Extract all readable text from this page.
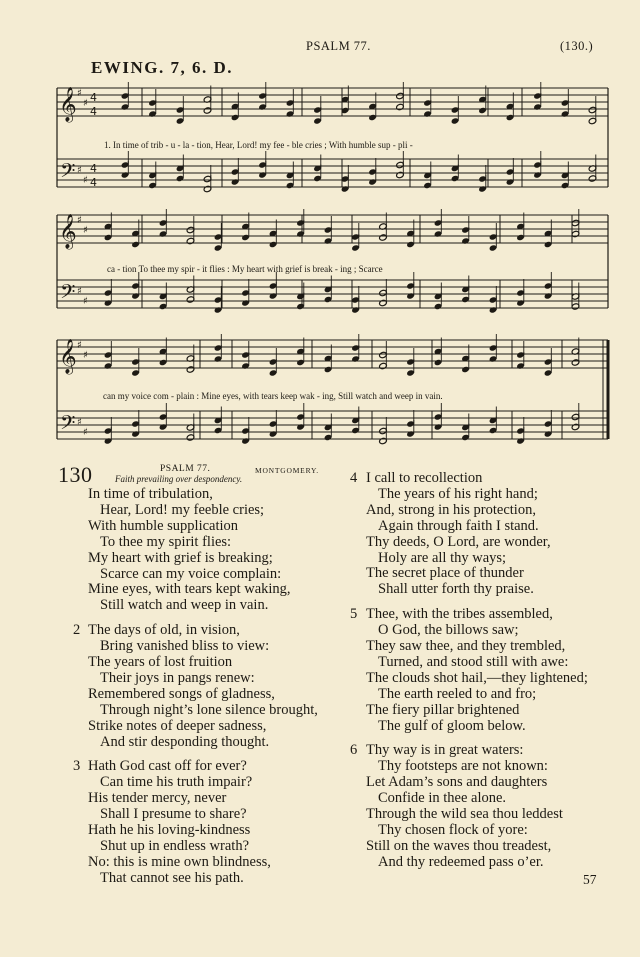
PSALM 77.	(130.)
EWING. 7, 6. D.
𝄞
𝄢
♯
♯
♯
♯
4
4
4
4
𝄞
𝄢
♯
♯
♯
♯
𝄞
𝄢
♯
♯
♯
♯
1. In time of trib - u - la - tion, Hear, Lord! my fee - ble cries ; With humble sup - pli -
ca - tion To thee my spir - it flies : My heart with grief is break - ing ; Scarce
can my voice com - plain : Mine eyes, with tears keep wak - ing, Still watch and weep in vain.
130	PSALM 77.	MONTGOMERY.
Faith prevailing over despondency.
In time of tribulation,
Hear, Lord! my feeble cries;
With humble supplication
To thee my spirit flies:
My heart with grief is breaking;
Scarce can my voice complain:
Mine eyes, with tears kept waking,
Still watch and weep in vain.
2 The days of old, in vision,
Bring vanished bliss to view:
The years of lost fruition
Their joys in pangs renew:
Remembered songs of gladness,
Through night’s lone silence brought,
Strike notes of deeper sadness,
And stir desponding thought.
3 Hath God cast off for ever?
Can time his truth impair?
His tender mercy, never
Shall I presume to share?
Hath he his loving-kindness
Shut up in endless wrath?
No: this is mine own blindness,
That cannot see his path.
4 I call to recollection
The years of his right hand;
And, strong in his protection,
Again through faith I stand.
Thy deeds, O Lord, are wonder,
Holy are all thy ways;
The secret place of thunder
Shall utter forth thy praise.
5 Thee, with the tribes assembled,
O God, the billows saw;
They saw thee, and they trembled,
Turned, and stood still with awe:
The clouds shot hail,—they lightened;
The earth reeled to and fro;
The fiery pillar brightened
The gulf of gloom below.
6 Thy way is in great waters:
Thy footsteps are not known:
Let Adam’s sons and daughters
Confide in thee alone.
Through the wild sea thou leddest
Thy chosen flock of yore:
Still on the waves thou treadest,
And thy redeemed pass o’er.
57
